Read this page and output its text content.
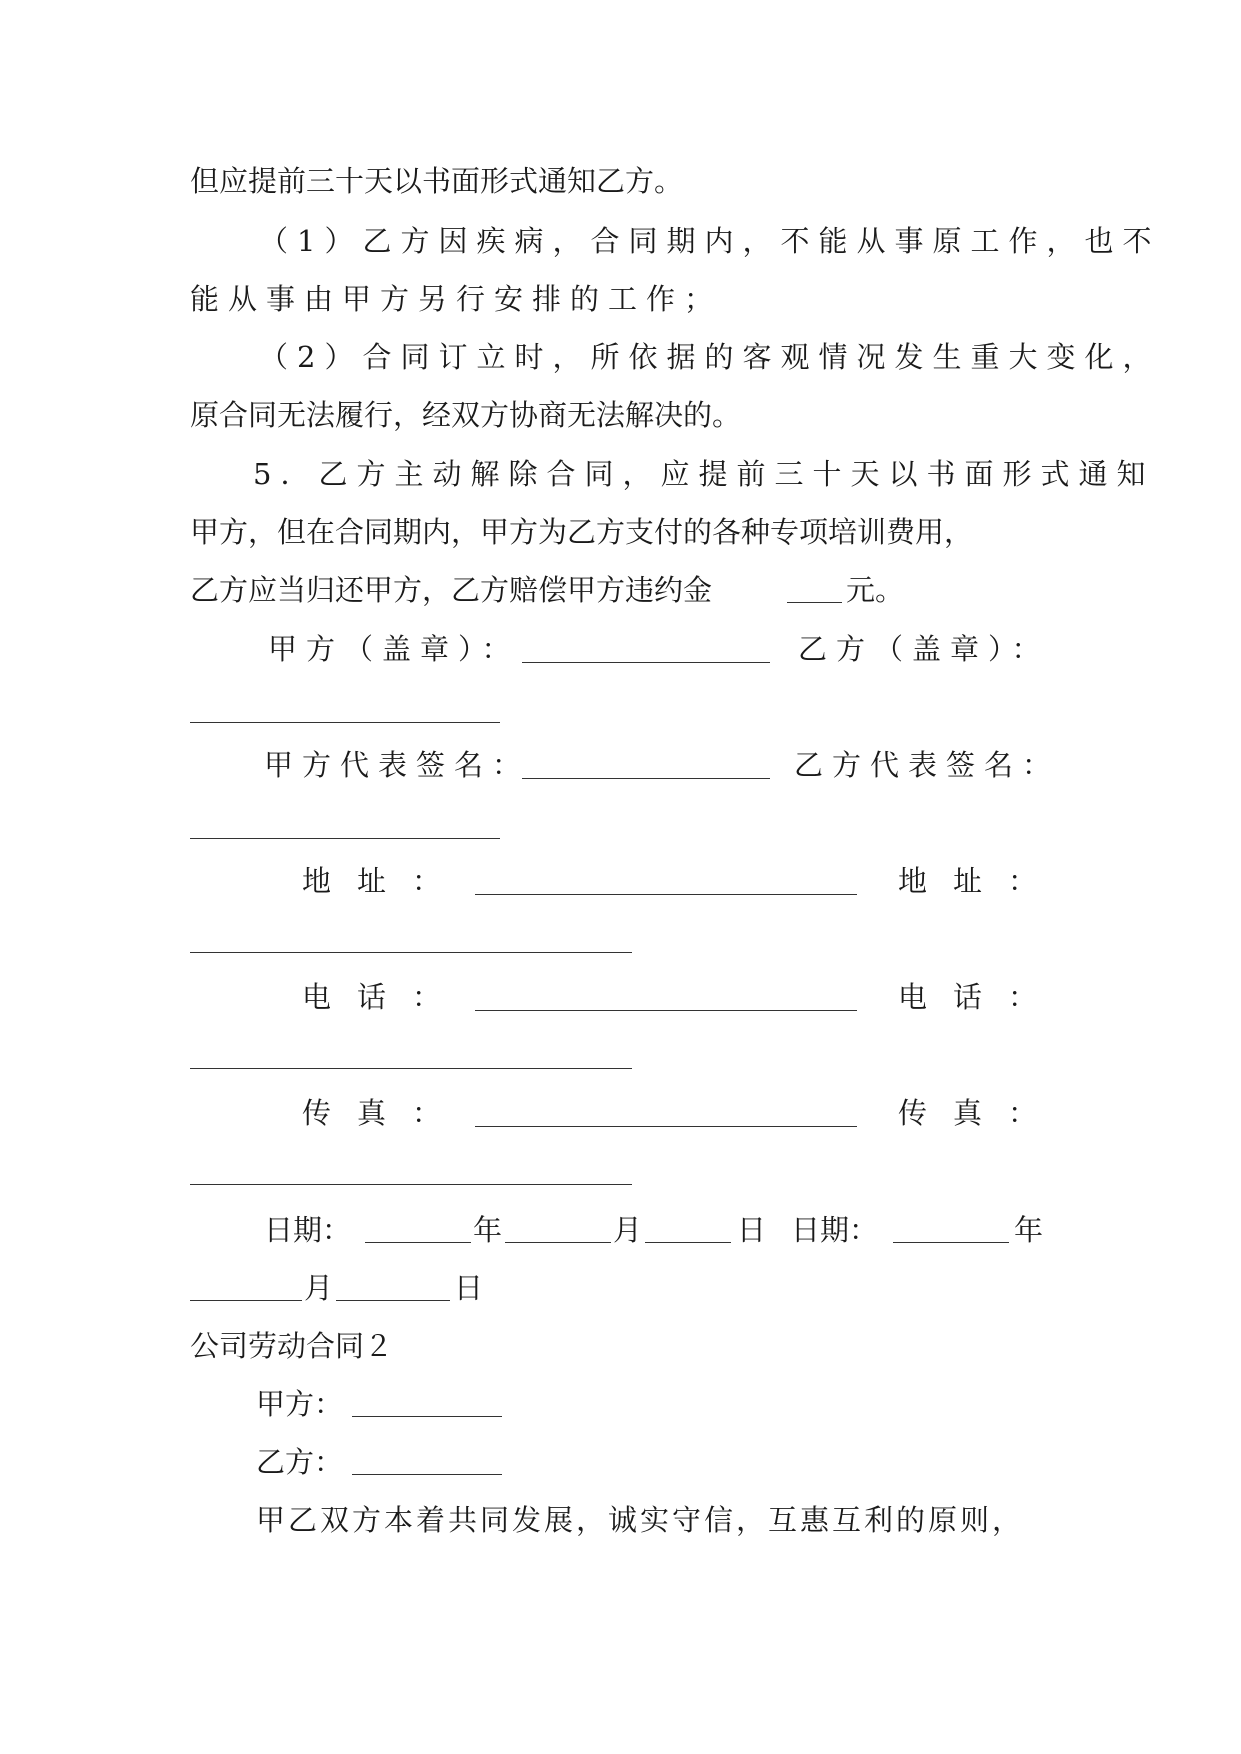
但应提前三十天以书面形式通知乙方。
（1）乙方因疾病，合同期内，不能从事原工作，也不
能从事由甲方另行安排的工作；
（2）合同订立时，所依据的客观情况发生重大变化，
原合同无法履行，经双方协商无法解决的。
5．乙方主动解除合同，应提前三十天以书面形式通知
甲方，但在合同期内，甲方为乙方支付的各种专项培训费用，
乙方应当归还甲方，乙方赔偿甲方违约金	元。
甲方（盖章）：	乙方（盖章）：
甲方代表签名：	乙方代表签名：
地址：	地址：
电话：	电话：
传真：	传真：
日期：	年	月	日 日期：	年
月	日
公司劳动合同２
甲方：
乙方：
甲乙双方本着共同发展，诚实守信，互惠互利的原则，
